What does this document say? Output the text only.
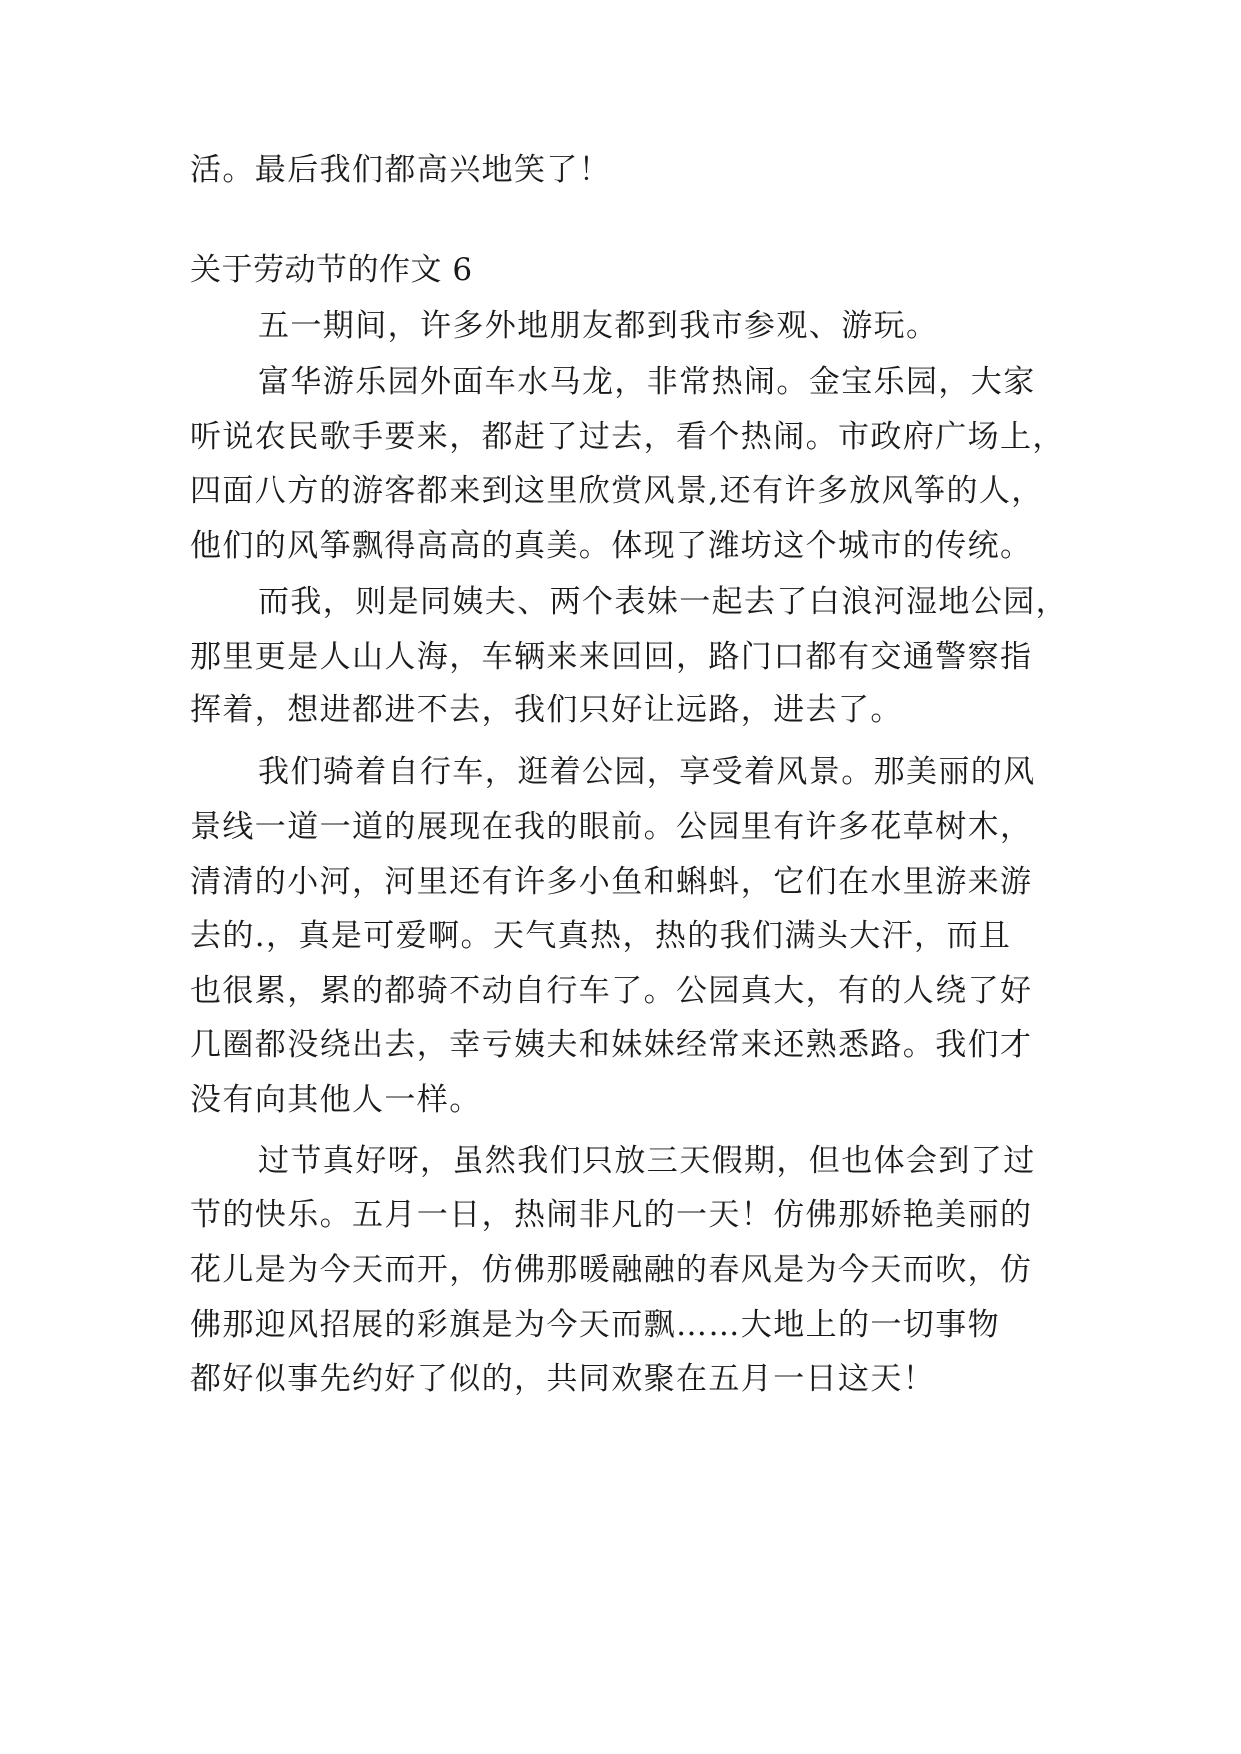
活。最后我们都高兴地笑了！
关于劳动节的作文 6
五一期间，许多外地朋友都到我市参观、游玩。
富华游乐园外面车水马龙，非常热闹。金宝乐园，大家
听说农民歌手要来，都赶了过去，看个热闹。市政府广场上，
四面八方的游客都来到这里欣赏风景,还有许多放风筝的人，
他们的风筝飘得高高的真美。体现了潍坊这个城市的传统。
而我，则是同姨夫、两个表妹一起去了白浪河湿地公园，
那里更是人山人海，车辆来来回回，路门口都有交通警察指
挥着，想进都进不去，我们只好让远路，进去了。
我们骑着自行车，逛着公园，享受着风景。那美丽的风
景线一道一道的展现在我的眼前。公园里有许多花草树木，
清清的小河，河里还有许多小鱼和蝌蚪，它们在水里游来游
去的.，真是可爱啊。天气真热，热的我们满头大汗，而且
也很累，累的都骑不动自行车了。公园真大，有的人绕了好
几圈都没绕出去，幸亏姨夫和妹妹经常来还熟悉路。我们才
没有向其他人一样。
过节真好呀，虽然我们只放三天假期，但也体会到了过
节的快乐。五月一日，热闹非凡的一天！仿佛那娇艳美丽的
花儿是为今天而开，仿佛那暖融融的春风是为今天而吹，仿
佛那迎风招展的彩旗是为今天而飘……大地上的一切事物
都好似事先约好了似的，共同欢聚在五月一日这天！
